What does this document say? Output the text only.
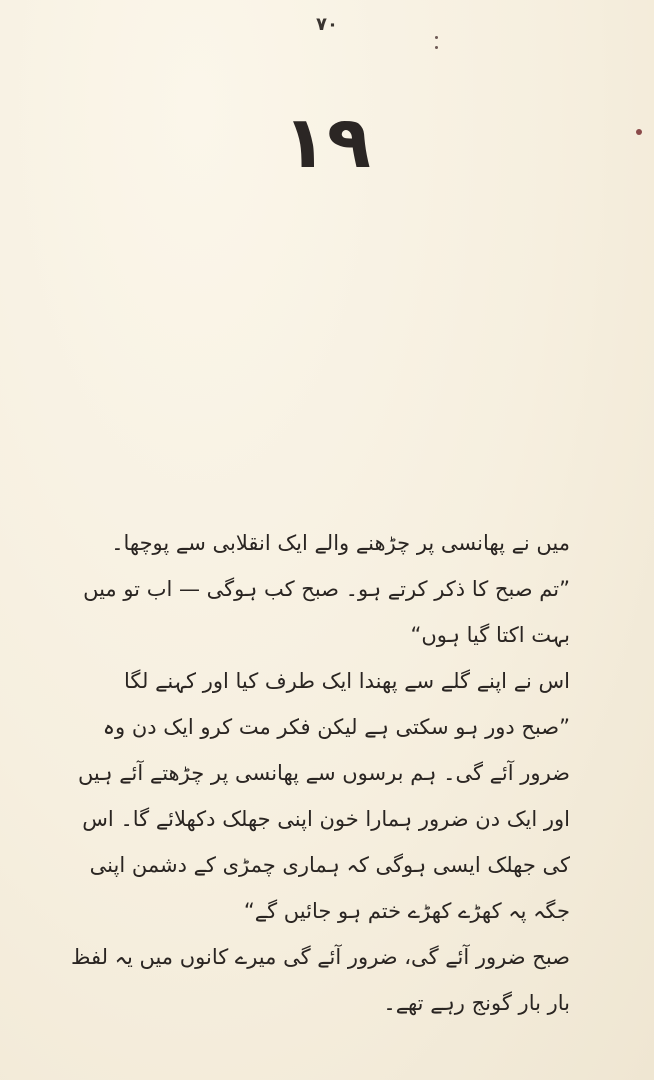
٧٠
١٩

میں نے پھانسی پر چڑھنے والے ایک انقلابی سے پوچھا۔

”تم صبح کا ذکر کرتے ہو۔ صبح کب ہوگی — اب تو میں بہت اکتا گیا ہوں“

اس نے اپنے گلے سے پھندا ایک طرف کیا اور کہنے لگا ”صبح دور ہو سکتی ہے لیکن فکر مت کرو ایک دن وہ ضرور آئے گی۔ ہم برسوں سے پھانسی پر چڑھتے آئے ہیں اور ایک دن ضرور ہمارا خون اپنی جھلک دکھلائے گا۔ اس کی جھلک ایسی ہوگی کہ ہماری چمڑی کے دشمن اپنی جگہ پہ کھڑے کھڑے ختم ہو جائیں گے“

صبح ضرور آئے گی، ضرور آئے گی میرے کانوں میں یہ لفظ بار بار گونج رہے تھے۔
